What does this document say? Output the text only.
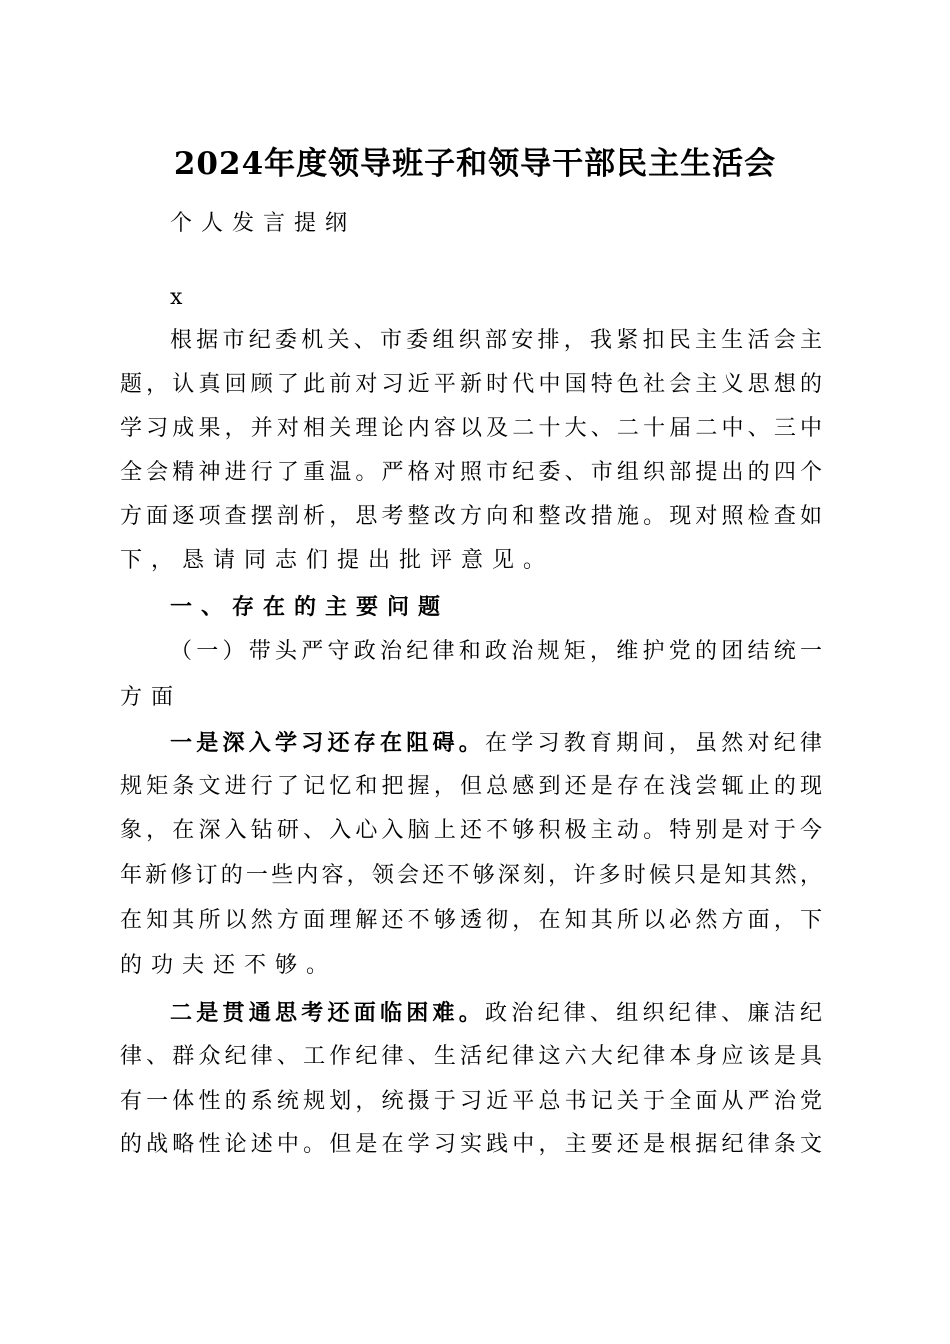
2024年度领导班子和领导干部民主生活会
个人发言提纲
x
根据市纪委机关、市委组织部安排，我紧扣民主生活会主
题，认真回顾了此前对习近平新时代中国特色社会主义思想的
学习成果，并对相关理论内容以及二十大、二十届二中、三中
全会精神进行了重温。严格对照市纪委、市组织部提出的四个
方面逐项查摆剖析，思考整改方向和整改措施。现对照检查如
下，恳请同志们提出批评意见。
一、存在的主要问题
（一）带头严守政治纪律和政治规矩，维护党的团结统一
方面
一是深入学习还存在阻碍。在学习教育期间，虽然对纪律
规矩条文进行了记忆和把握，但总感到还是存在浅尝辄止的现
象，在深入钻研、入心入脑上还不够积极主动。特别是对于今
年新修订的一些内容，领会还不够深刻，许多时候只是知其然，
在知其所以然方面理解还不够透彻，在知其所以必然方面，下
的功夫还不够。
二是贯通思考还面临困难。政治纪律、组织纪律、廉洁纪
律、群众纪律、工作纪律、生活纪律这六大纪律本身应该是具
有一体性的系统规划，统摄于习近平总书记关于全面从严治党
的战略性论述中。但是在学习实践中，主要还是根据纪律条文
